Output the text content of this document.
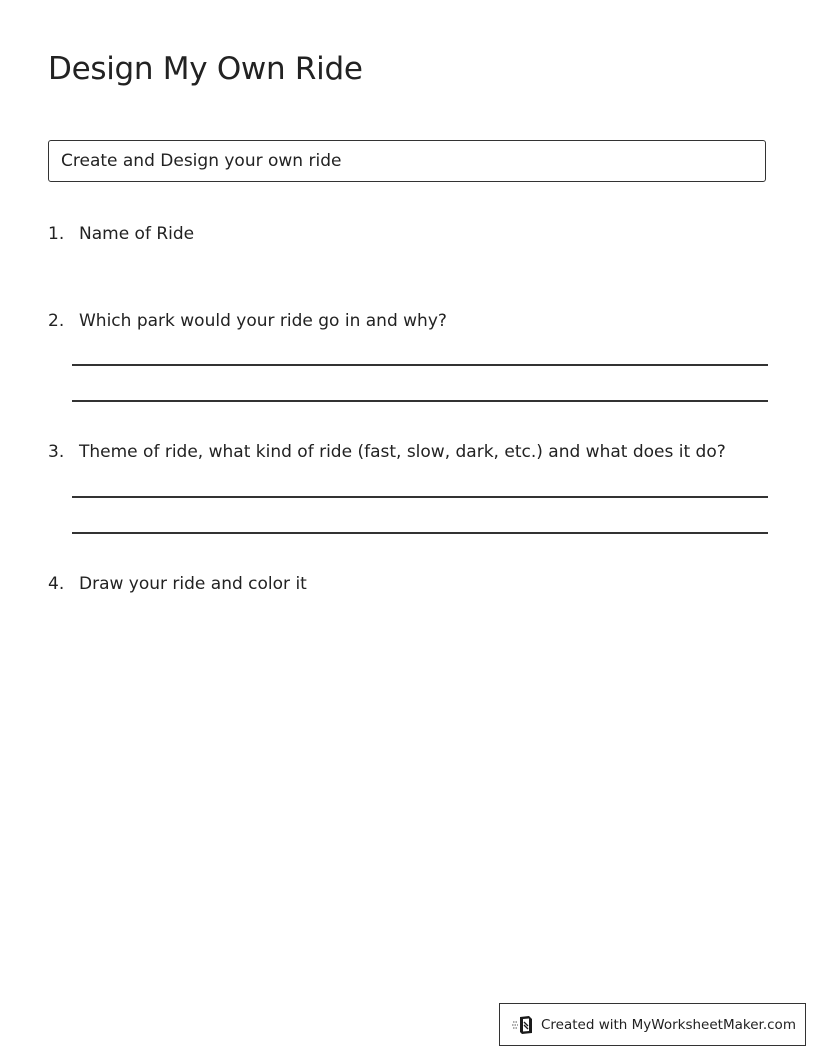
Design My Own Ride
Create and Design your own ride
1. Name of Ride
2. Which park would your ride go in and why?
3. Theme of ride, what kind of ride (fast, slow, dark, etc.) and what does it do?
4. Draw your ride and color it
Created with MyWorksheetMaker.com
